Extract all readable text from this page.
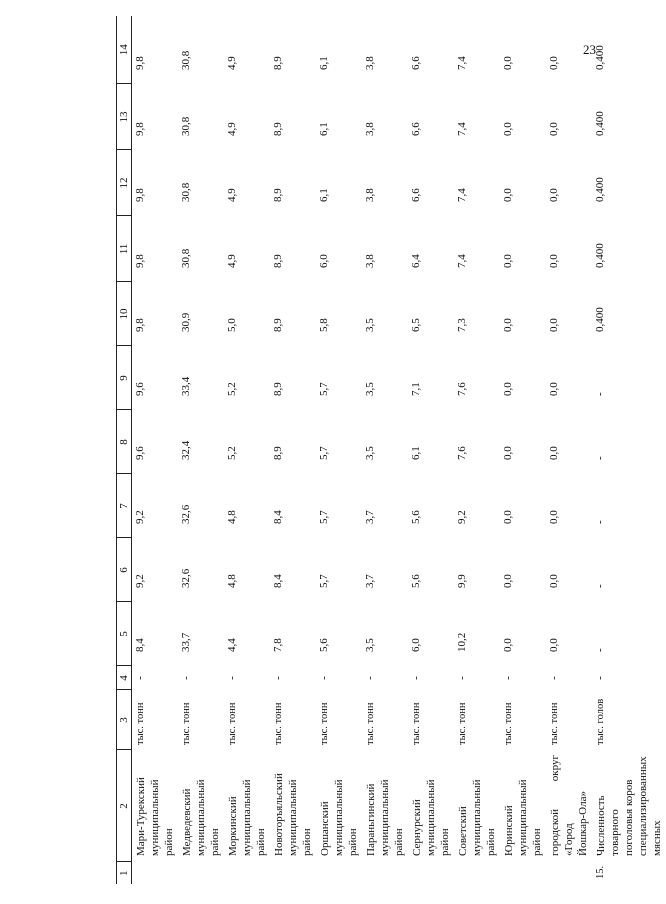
23
1	2	3	4	5	6	7	8	9	10	11	12	13	14

	Мари-Турекский муниципальный район	тыс. тонн	-	8,4	9,2	9,2	9,6	9,6	9,8	9,8	9,8	9,8	9,8

	Медведевский муниципальный район	тыс. тонн	-	33,7	32,6	32,6	32,4	33,4	30,9	30,8	30,8	30,8	30,8

	Моркинский муниципальный район	тыс. тонн	-	4,4	4,8	4,8	5,2	5,2	5,0	4,9	4,9	4,9	4,9

	Новоторъяльский муниципальный район	тыс. тонн	-	7,8	8,4	8,4	8,9	8,9	8,9	8,9	8,9	8,9	8,9

	Оршанский муниципальный район	тыс. тонн	-	5,6	5,7	5,7	5,7	5,7	5,8	6,0	6,1	6,1	6,1

	Параньгинский муниципальный район	тыс. тонн	-	3,5	3,7	3,7	3,5	3,5	3,5	3,8	3,8	3,8	3,8

	Сернурский муниципальный район	тыс. тонн	-	6,0	5,6	5,6	6,1	7,1	6,5	6,4	6,6	6,6	6,6

	Советский муниципальный район	тыс. тонн	-	10,2	9,9	9,2	7,6	7,6	7,3	7,4	7,4	7,4	7,4

	Юринский муниципальный район	тыс. тонн	-	0,0	0,0	0,0	0,0	0,0	0,0	0,0	0,0	0,0	0,0

	городской округ «Город Йошкар-Ола»	тыс. тонн	-	0,0	0,0	0,0	0,0	0,0	0,0	0,0	0,0	0,0	0,0
15.	Численность товарного поголовья коров специализированных мясных	тыс. голов	-	-	-	-	-	-	0,400	0,400	0,400	0,400	0,400
